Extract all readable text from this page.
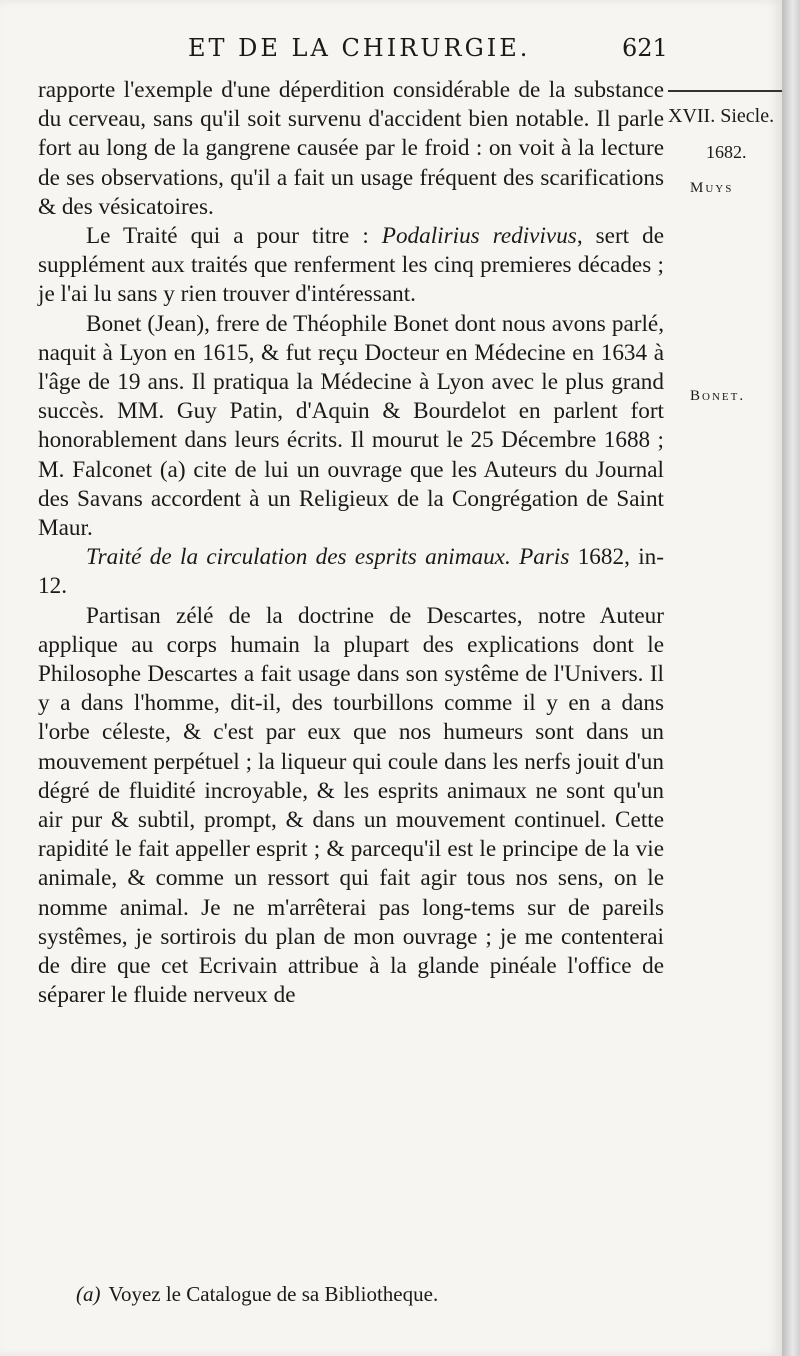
ET DE LA CHIRURGIE.	621
XVII. Siecle.
1682.
Muys
Bonet.

rapporte l'exemple d'une déperdition considérable de la substance du cerveau, sans qu'il soit survenu d'accident bien notable. Il parle fort au long de la gangrene causée par le froid : on voit à la lecture de ses observations, qu'il a fait un usage fréquent des scarifications & des vésicatoires.

Le Traité qui a pour titre : Podalirius redivivus, sert de supplément aux traités que renferment les cinq premieres décades ; je l'ai lu sans y rien trouver d'intéressant.

Bonet (Jean), frere de Théophile Bonet dont nous avons parlé, naquit à Lyon en 1615, & fut reçu Docteur en Médecine en 1634 à l'âge de 19 ans. Il pratiqua la Médecine à Lyon avec le plus grand succès. MM. Guy Patin, d'Aquin & Bourdelot en parlent fort honorablement dans leurs écrits. Il mourut le 25 Décembre 1688 ; M. Falconet (a) cite de lui un ouvrage que les Auteurs du Journal des Savans accordent à un Religieux de la Congrégation de Saint Maur.

Traité de la circulation des esprits animaux. Paris 1682, in-12.

Partisan zélé de la doctrine de Descartes, notre Auteur applique au corps humain la plupart des explications dont le Philosophe Descartes a fait usage dans son systême de l'Univers. Il y a dans l'homme, dit-il, des tourbillons comme il y en a dans l'orbe céleste, & c'est par eux que nos humeurs sont dans un mouvement perpétuel ; la liqueur qui coule dans les nerfs jouit d'un dégré de fluidité incroyable, & les esprits animaux ne sont qu'un air pur & subtil, prompt, & dans un mouvement continuel. Cette rapidité le fait appeller esprit ; & parcequ'il est le principe de la vie animale, & comme un ressort qui fait agir tous nos sens, on le nomme animal. Je ne m'arrêterai pas long-tems sur de pareils systêmes, je sortirois du plan de mon ouvrage ; je me contenterai de dire que cet Ecrivain attribue à la glande pinéale l'office de séparer le fluide nerveux de

(a) Voyez le Catalogue de sa Bibliotheque.
